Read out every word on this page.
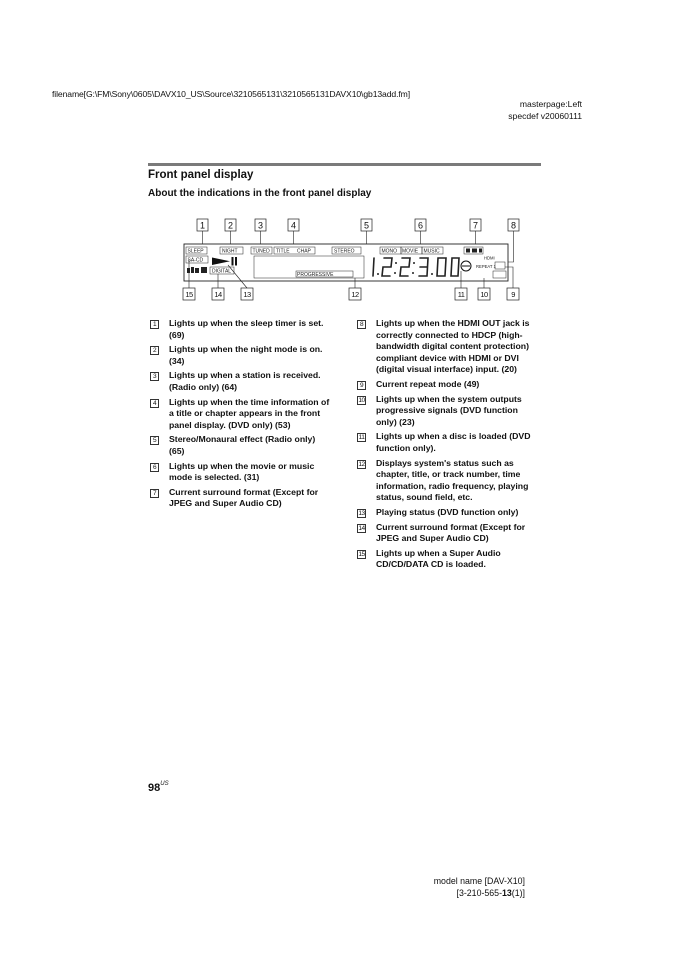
filename[G:\FM\Sony\0605\DAVX10_US\Source\3210565131\3210565131DAVX10\gb13add.fm]
masterpage:Left
specdef v20060111
Front panel display
About the indications in the front panel display
1	2	3	4	5	6	7	8
SLEEP	NIGHT	TUNED TITLE CHAP	STEREO	MONO MOVIE MUSIC
SA-CD
DIGITAL
PROGRESSIVE
HDMI
REPEAT 1
15	14	13	12	11 10	9
1	Lights up when the sleep timer is set. (69)
2	Lights up when the night mode is on. (34)
3	Lights up when a station is received. (Radio only) (64)
4	Lights up when the time information of a title or chapter appears in the front panel display. (DVD only) (53)
5	Stereo/Monaural effect (Radio only) (65)
6	Lights up when the movie or music mode is selected. (31)
7	Current surround format (Except for JPEG and Super Audio CD)
8	Lights up when the HDMI OUT jack is correctly connected to HDCP (high-bandwidth digital content protection) compliant device with HDMI or DVI (digital visual interface) input. (20)
9	Current repeat mode (49)
10 Lights up when the system outputs progressive signals (DVD function only) (23)
11 Lights up when a disc is loaded (DVD function only).
12 Displays system's status such as chapter, title, or track number, time information, radio frequency, playing status, sound field, etc.
13 Playing status (DVD function only)
14 Current surround format (Except for JPEG and Super Audio CD)
15 Lights up when a Super Audio CD/CD/DATA CD is loaded.
$98^{US}$
model name [DAV-X10]
[3-210-565-13(1)]
